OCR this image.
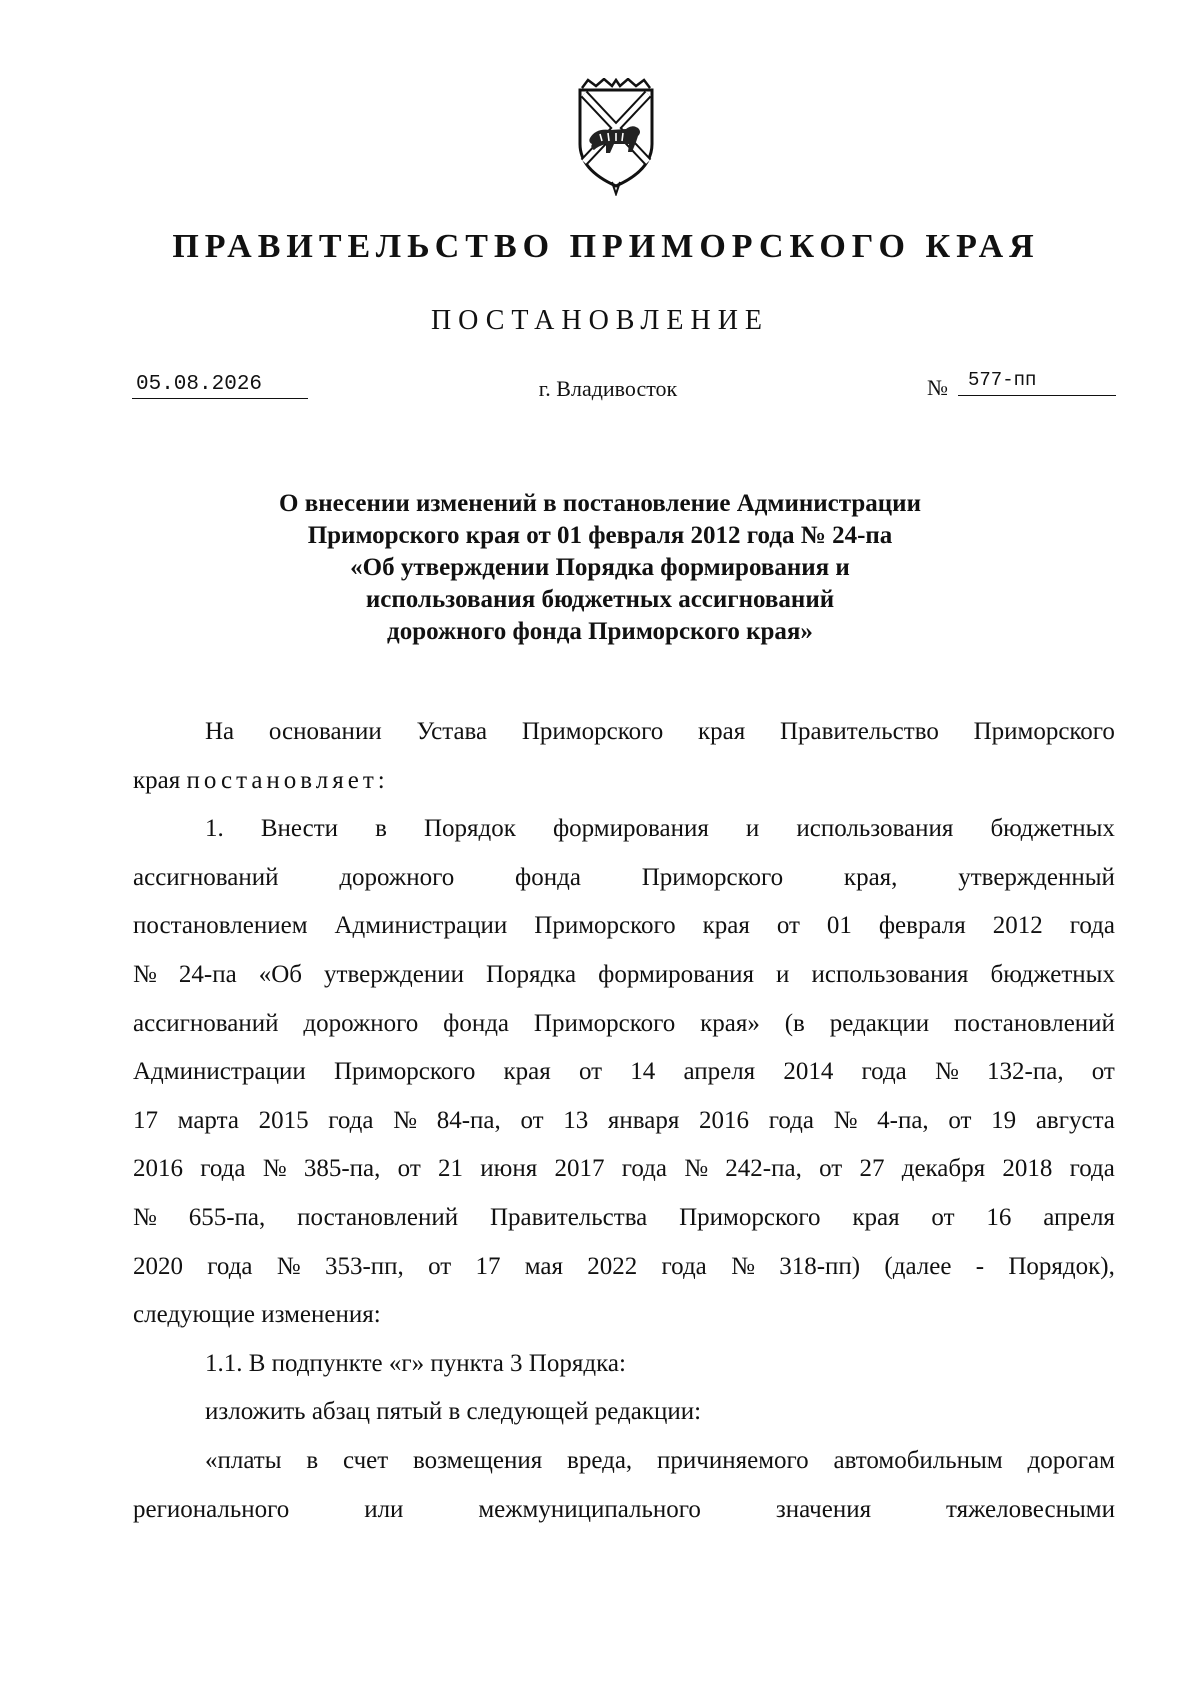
ПРАВИТЕЛЬСТВО ПРИМОРСКОГО КРАЯ
ПОСТАНОВЛЕНИЕ
05.08.2026	г. Владивосток	№	577-пп
О внесении изменений в постановление Администрации
Приморского края от 01 февраля 2012 года № 24-па
«Об утверждении Порядка формирования и
использования бюджетных ассигнований
дорожного фонда Приморского края»
На основании Устава Приморского края Правительство Приморского
края постановляет:
1. Внести в Порядок формирования и использования бюджетных
ассигнований дорожного фонда Приморского края, утвержденный
постановлением Администрации Приморского края от 01 февраля 2012 года
№ 24-па «Об утверждении Порядка формирования и использования бюджетных
ассигнований дорожного фонда Приморского края» (в редакции постановлений
Администрации Приморского края от 14 апреля 2014 года № 132-па, от
17 марта 2015 года № 84-па, от 13 января 2016 года № 4-па, от 19 августа
2016 года № 385-па, от 21 июня 2017 года № 242-па, от 27 декабря 2018 года
№ 655-па, постановлений Правительства Приморского края от 16 апреля
2020 года № 353-пп, от 17 мая 2022 года № 318-пп) (далее - Порядок),
следующие изменения:
1.1. В подпункте «г» пункта 3 Порядка:
изложить абзац пятый в следующей редакции:
«платы в счет возмещения вреда, причиняемого автомобильным дорогам
регионального	или	межмуниципального	значения	тяжеловесными
